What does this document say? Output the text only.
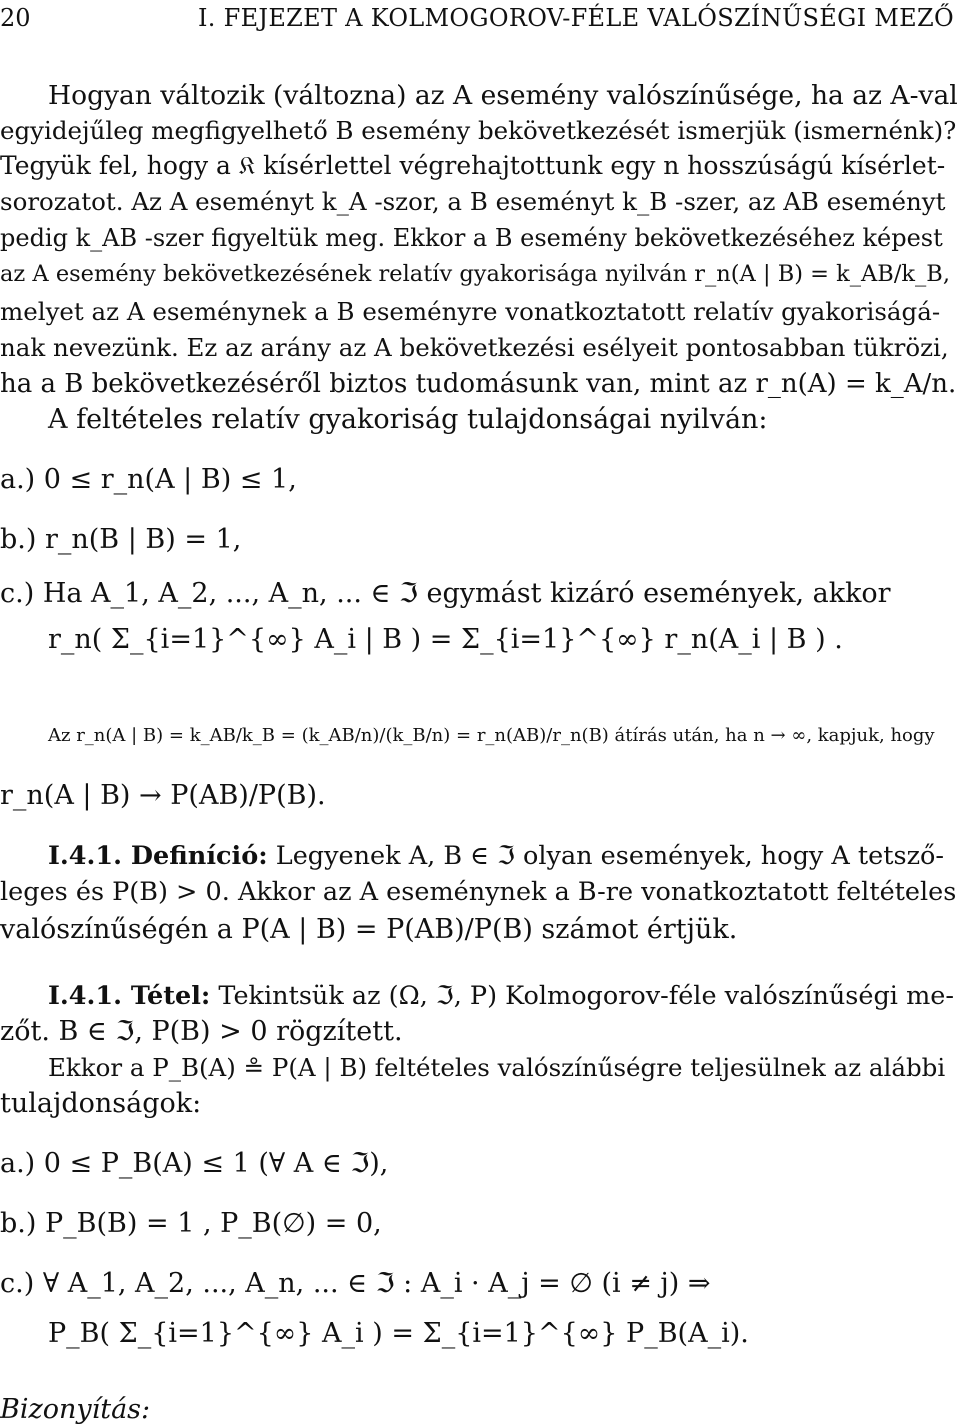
20	I. FEJEZET A KOLMOGOROV-FÉLE VALÓSZÍNŰSÉGI MEZŐ
Hogyan változik (változna) az A esemény valószínűsége, ha az A-val
egyidejűleg megfigyelhető B esemény bekövetkezését ismerjük (ismernénk)?
Tegyük fel, hogy a 𝔎 kísérlettel végrehajtottunk egy n hosszúságú kísérlet-
sorozatot. Az A eseményt k_A -szor, a B eseményt k_B -szer, az AB eseményt
pedig k_AB -szer figyeltük meg. Ekkor a B esemény bekövetkezéséhez képest
az A esemény bekövetkezésének relatív gyakorisága nyilván r_n(A | B) = k_AB/k_B,
melyet az A eseménynek a B eseményre vonatkoztatott relatív gyakoriságá-
nak nevezünk. Ez az arány az A bekövetkezési esélyeit pontosabban tükrözi,
ha a B bekövetkezéséről biztos tudomásunk van, mint az r_n(A) = k_A/n.
A feltételes relatív gyakoriság tulajdonságai nyilván:
a.) 0 ≤ r_n(A | B) ≤ 1,
b.) r_n(B | B) = 1,
c.) Ha A_1, A_2, ..., A_n, ... ∈ ℑ egymást kizáró események, akkor
r_n( Σ_{i=1}^{∞} A_i | B ) = Σ_{i=1}^{∞} r_n(A_i | B ) .
Az r_n(A | B) = k_AB/k_B = (k_AB/n)/(k_B/n) = r_n(AB)/r_n(B) átírás után, ha n → ∞, kapjuk, hogy
r_n(A | B) → P(AB)/P(B).
I.4.1. Definíció: Legyenek A, B ∈ ℑ olyan események, hogy A tetsző-
leges és P(B) > 0. Akkor az A eseménynek a B-re vonatkoztatott feltételes
valószínűségén a P(A | B) = P(AB)/P(B) számot értjük.
I.4.1. Tétel: Tekintsük az (Ω, ℑ, P) Kolmogorov-féle valószínűségi me-
zőt. B ∈ ℑ, P(B) > 0 rögzített.
Ekkor a P_B(A) ≗ P(A | B) feltételes valószínűségre teljesülnek az alábbi
tulajdonságok:
a.) 0 ≤ P_B(A) ≤ 1 (∀ A ∈ ℑ),
b.) P_B(B) = 1 , P_B(∅) = 0,
c.) ∀ A_1, A_2, ..., A_n, ... ∈ ℑ : A_i · A_j = ∅ (i ≠ j) ⇒
P_B( Σ_{i=1}^{∞} A_i ) = Σ_{i=1}^{∞} P_B(A_i).
Bizonyítás:
